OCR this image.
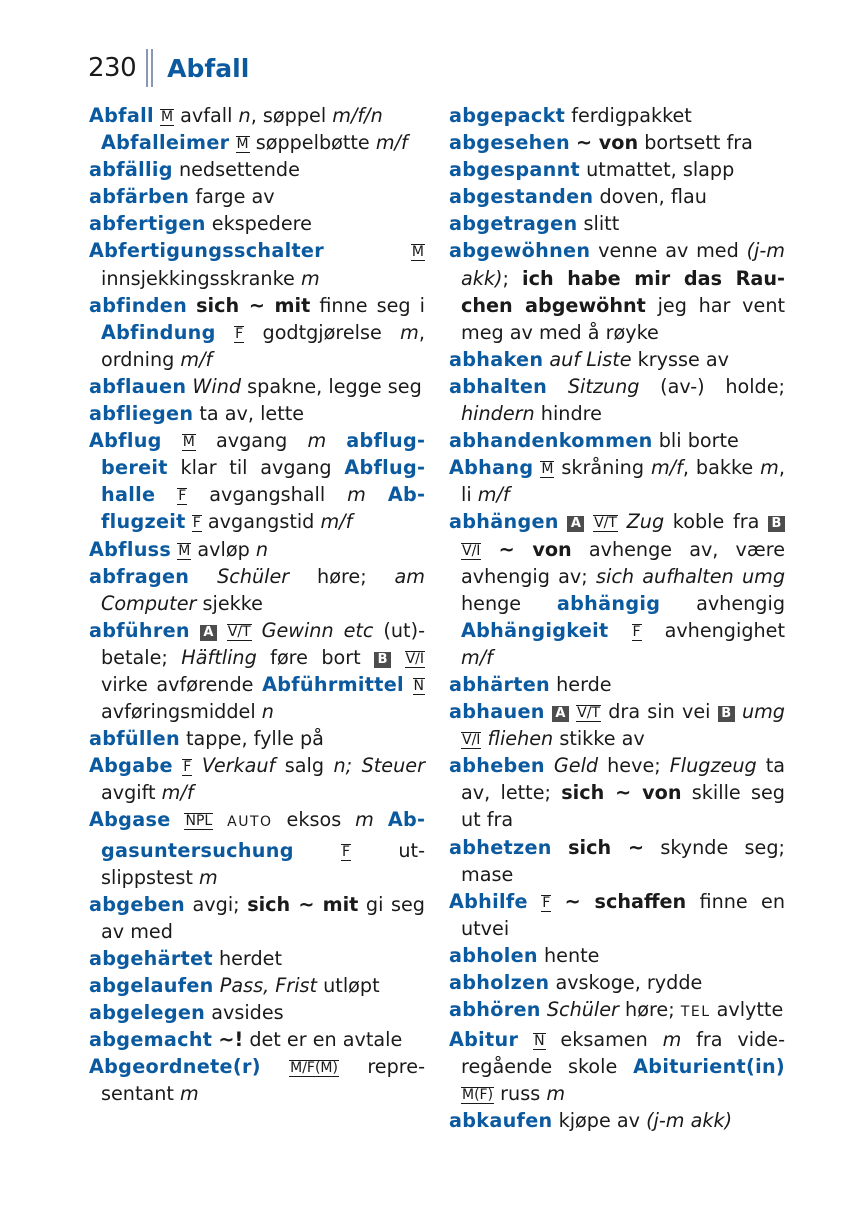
230 Abfall
Abfall M avfall n, søppel m/f/n
Abfalleimer M søppelbøtte m/f
abfällig nedsettende
abfärben farge av
abfertigen ekspedere
Abfertigungsschalter	M innsjekkingsskranke m
abfinden sich ~ mit finne seg i Abfindung F godtgjørelse m, ordning m/f
abflauen Wind spakne, legge seg
abfliegen ta av, lette
Abflug M avgang m abflugbereit klar til avgang Abflughalle F avgangshall m Abflugzeit F avgangstid m/f
Abfluss M avløp n
abfragen Schüler høre; am Computer sjekke
abführen A V/T Gewinn etc (ut)betale; Häftling føre bort B V/I virke avførende Abführmittel N avføringsmiddel n
abfüllen tappe, fylle på
Abgabe F Verkauf salg n; Steuer avgift m/f
Abgase NPL AUTO eksos m Abgasuntersuchung	F utslippstest m
abgeben avgi; sich ~ mit gi seg av med
abgehärtet herdet
abgelaufen Pass, Frist utløpt
abgelegen avsides
abgemacht ~! det er en avtale
Abgeordnete(r) M/F(M) representant m
abgepackt ferdigpakket
abgesehen ~ von bortsett fra
abgespannt utmattet, slapp
abgestanden doven, flau
abgetragen slitt
abgewöhnen venne av med (j-m akk); ich habe mir das Rauchen abgewöhnt jeg har vent meg av med å røyke
abhaken auf Liste krysse av
abhalten Sitzung (av-) holde; hindern hindre
abhandenkommen bli borte
Abhang M skråning m/f, bakke m, li m/f
abhängen A V/T Zug koble fra B V/I ~ von avhenge av, være avhengig av; sich aufhalten umg henge abhängig avhengig Abhängigkeit F avhengighet m/f
abhärten herde
abhauen A V/T dra sin vei B umg V/I fliehen stikke av
abheben Geld heve; Flugzeug ta av, lette; sich ~ von skille seg ut fra
abhetzen sich ~ skynde seg; mase
Abhilfe F ~ schaffen finne en utvei
abholen hente
abholzen avskoge, rydde
abhören Schüler høre; TEL avlytte
Abitur N eksamen m fra videregående skole Abiturient(in) M(F) russ m
abkaufen kjøpe av (j-m akk)
